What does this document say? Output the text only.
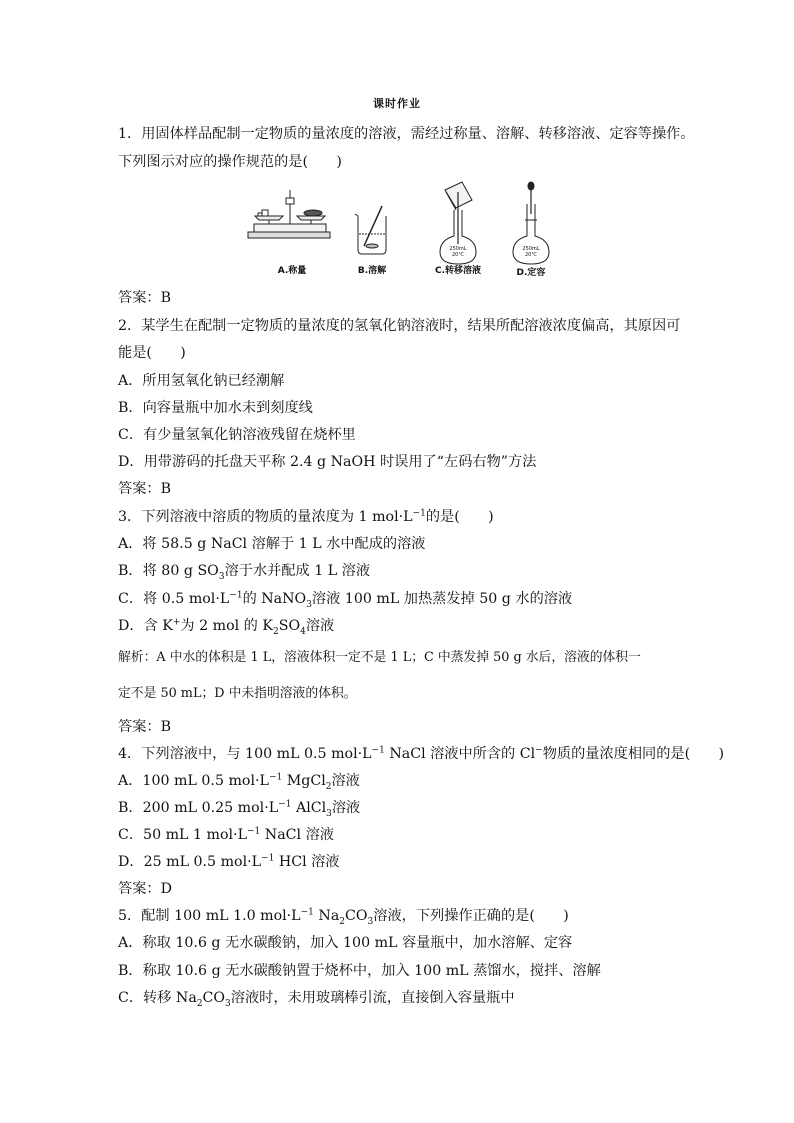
课时作业
1．用固体样品配制一定物质的量浓度的溶液，需经过称量、溶解、转移溶液、定容等操作。
下列图示对应的操作规范的是(　　)
250mL
20℃
250mL
20℃
A.称量	B.溶解	C.转移溶液	D.定容
答案：B
2．某学生在配制一定物质的量浓度的氢氧化钠溶液时，结果所配溶液浓度偏高，其原因可
能是(　　)
A．所用氢氧化钠已经潮解
B．向容量瓶中加水未到刻度线
C．有少量氢氧化钠溶液残留在烧杯里
D．用带游码的托盘天平称 2.4 g NaOH 时误用了“左码右物”方法
答案：B
3．下列溶液中溶质的物质的量浓度为 1 $mol\cdot L^{-1}$的是(　　)
A．将 58.5 g NaCl 溶解于 1 L 水中配成的溶液
B．将 80 g $SO_3$溶于水并配成 1 L 溶液
C．将 0.5 $mol\cdot L^{-1}$的 NaNO$_3$溶液 100 mL 加热蒸发掉 50 g 水的溶液
D．含 K+为 2 mol 的 $K_2SO_4$溶液
解析：A 中水的体积是 1 L，溶液体积一定不是 1 L；C 中蒸发掉 50 g 水后，溶液的体积一
定不是 50 mL；D 中未指明溶液的体积。
答案：B
4．下列溶液中，与 100 mL 0.5 $mol\cdot L^{-1}$ NaCl 溶液中所含的 Cl−物质的量浓度相同的是(　　)
A．100 mL 0.5 $mol\cdot L^{-1}$ MgCl$_2$溶液
B．200 mL 0.25 $mol\cdot L^{-1}$ AlCl$_3$溶液
C．50 mL 1 $mol\cdot L^{-1}$ NaCl 溶液
D．25 mL 0.5 $mol\cdot L^{-1}$ HCl 溶液
答案：D
5．配制 100 mL 1.0 $mol\cdot L^{-1}$ $Na_2CO_3$溶液，下列操作正确的是(　　)
A．称取 10.6 g 无水碳酸钠，加入 100 mL 容量瓶中，加水溶解、定容
B．称取 10.6 g 无水碳酸钠置于烧杯中，加入 100 mL 蒸馏水，搅拌、溶解
C．转移 $Na_2CO_3$溶液时，未用玻璃棒引流，直接倒入容量瓶中
